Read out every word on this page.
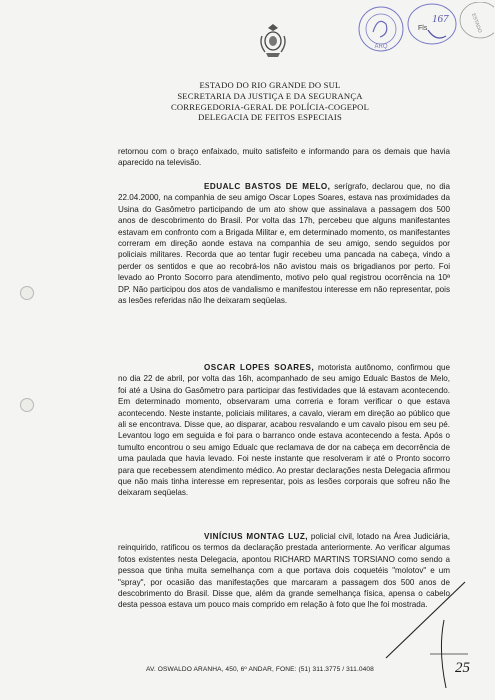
ARQ
Fls
167	ESTADO
ESTADO DO RIO GRANDE DO SUL
SECRETARIA DA JUSTIÇA E DA SEGURANÇA
CORREGEDORIA-GERAL DE POLÍCIA-COGEPOL
DELEGACIA DE FEITOS ESPECIAIS

retornou com o braço enfaixado, muito satisfeito e informando para os demais que havia aparecido na televisão.

EDUALC BASTOS DE MELO, serígrafo, declarou que, no dia 22.04.2000, na companhia de seu amigo Oscar Lopes Soares, estava nas proximidades da Usina do Gasômetro participando de um ato show que assinalava a passagem dos 500 anos de descobrimento do Brasil. Por volta das 17h, percebeu que alguns manifestantes estavam em confronto com a Brigada Militar e, em determinado momento, os manifestantes correram em direção aonde estava na companhia de seu amigo, sendo seguidos por policiais militares. Recorda que ao tentar fugir recebeu uma pancada na cabeça, vindo a perder os sentidos e que ao recobrá-los não avistou mais os brigadianos por perto. Foi levado ao Pronto Socorro para atendimento, motivo pelo qual registrou ocorrência na 10ª DP. Não participou dos atos de vandalismo e manifestou interesse em não representar, pois as lesões referidas não lhe deixaram seqüelas.

OSCAR LOPES SOARES, motorista autônomo, confirmou que no dia 22 de abril, por volta das 16h, acompanhado de seu amigo Edualc Bastos de Melo, foi até a Usina do Gasômetro para participar das festividades que lá estavam acontecendo. Em determinado momento, observaram uma correria e foram verificar o que estava acontecendo. Neste instante, policiais militares, a cavalo, vieram em direção ao público que ali se encontrava. Disse que, ao disparar, acabou resvalando e um cavalo pisou em seu pé. Levantou logo em seguida e foi para o barranco onde estava acontecendo a festa. Após o tumulto encontrou o seu amigo Edualc que reclamava de dor na cabeça em decorrência de uma paulada que havia levado. Foi neste instante que resolveram ir até o Pronto socorro para que recebessem atendimento médico. Ao prestar declarações nesta Delegacia afirmou que não mais tinha interesse em representar, pois as lesões corporais que sofreu não lhe deixaram seqüelas.

VINÍCIUS MONTAG LUZ, policial civil, lotado na Área Judiciária, reinquirido, ratificou os termos da declaração prestada anteriormente. Ao verificar algumas fotos existentes nesta Delegacia, apontou RICHARD MARTINS TORSIANO como sendo a pessoa que tinha muita semelhança com a que portava dois coquetéis "molotov" e um "spray", por ocasião das manifestações que marcaram a passagem dos 500 anos de descobrimento do Brasil. Disse que, além da grande semelhança física, apensa o cabelo desta pessoa estava um pouco mais comprido em relação à foto que lhe foi mostrada.

AV. OSWALDO ARANHA, 450, 6º ANDAR, FONE: (51) 311.3775 / 311.0408	25
